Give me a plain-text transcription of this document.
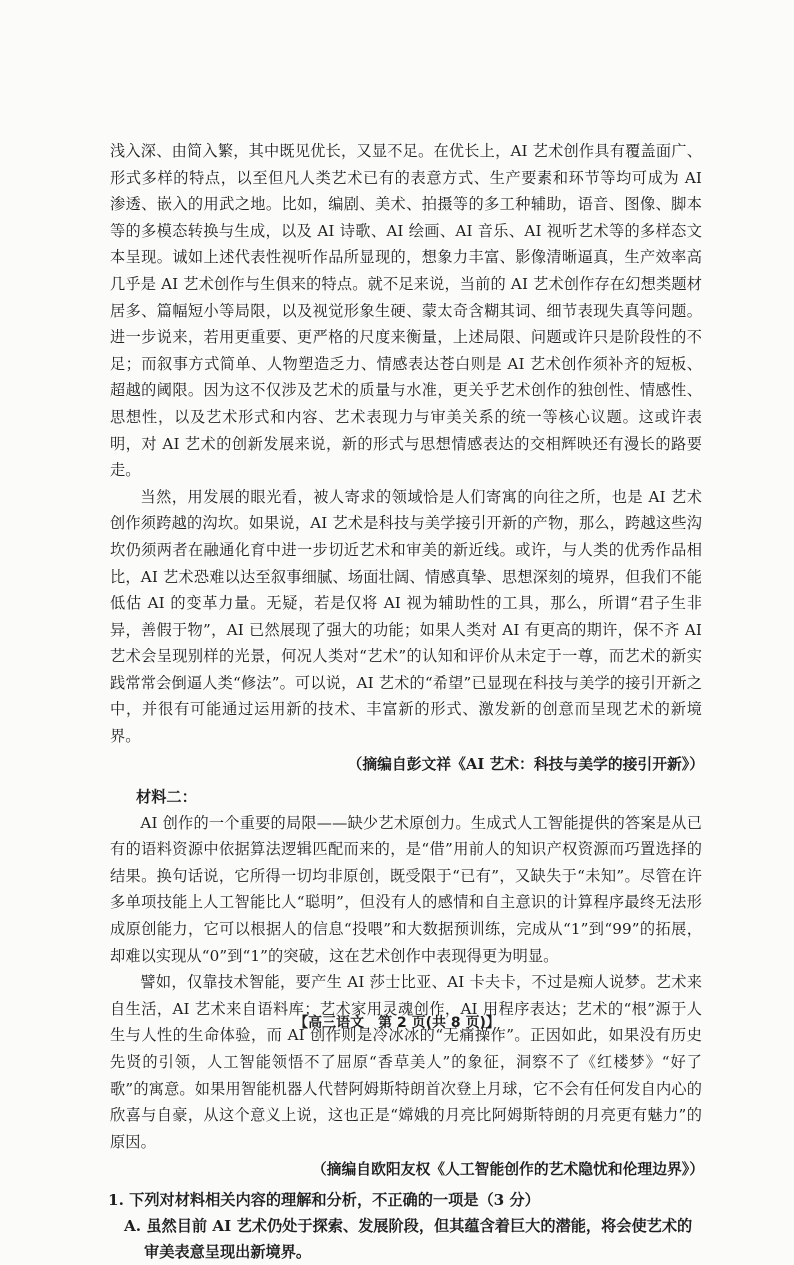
浅入深、由简入繁，其中既见优长，又显不足。在优长上，AI 艺术创作具有覆盖面广、形式多样的特点，以至但凡人类艺术已有的表意方式、生产要素和环节等均可成为 AI 渗透、嵌入的用武之地。比如，编剧、美术、拍摄等的多工种辅助，语音、图像、脚本等的多模态转换与生成，以及 AI 诗歌、AI 绘画、AI 音乐、AI 视听艺术等的多样态文本呈现。诚如上述代表性视听作品所显现的，想象力丰富、影像清晰逼真，生产效率高几乎是 AI 艺术创作与生俱来的特点。就不足来说，当前的 AI 艺术创作存在幻想类题材居多、篇幅短小等局限，以及视觉形象生硬、蒙太奇含糊其词、细节表现失真等问题。进一步说来，若用更重要、更严格的尺度来衡量，上述局限、问题或许只是阶段性的不足；而叙事方式简单、人物塑造乏力、情感表达苍白则是 AI 艺术创作须补齐的短板、超越的阈限。因为这不仅涉及艺术的质量与水准，更关乎艺术创作的独创性、情感性、思想性，以及艺术形式和内容、艺术表现力与审美关系的统一等核心议题。这或许表明，对 AI 艺术的创新发展来说，新的形式与思想情感表达的交相辉映还有漫长的路要走。

当然，用发展的眼光看，被人寄求的领域恰是人们寄寓的向往之所，也是 AI 艺术创作须跨越的沟坎。如果说，AI 艺术是科技与美学接引开新的产物，那么，跨越这些沟坎仍须两者在融通化育中进一步切近艺术和审美的新近线。或许，与人类的优秀作品相比，AI 艺术恐难以达至叙事细腻、场面壮阔、情感真挚、思想深刻的境界，但我们不能低估 AI 的变革力量。无疑，若是仅将 AI 视为辅助性的工具，那么，所谓“君子生非异，善假于物”，AI 已然展现了强大的功能；如果人类对 AI 有更高的期许，保不齐 AI 艺术会呈现别样的光景，何况人类对“艺术”的认知和评价从未定于一尊，而艺术的新实践常常会倒逼人类“修法”。可以说，AI 艺术的“希望”已显现在科技与美学的接引开新之中，并很有可能通过运用新的技术、丰富新的形式、激发新的创意而呈现艺术的新境界。

（摘编自彭文祥《AI 艺术：科技与美学的接引开新》）

材料二：

AI 创作的一个重要的局限——缺少艺术原创力。生成式人工智能提供的答案是从已有的语料资源中依据算法逻辑匹配而来的，是“借”用前人的知识产权资源而巧置选择的结果。换句话说，它所得一切均非原创，既受限于“已有”，又缺失于“未知”。尽管在许多单项技能上人工智能比人“聪明”，但没有人的感情和自主意识的计算程序最终无法形成原创能力，它可以根据人的信息“投喂”和大数据预训练，完成从“1”到“99”的拓展，却难以实现从“0”到“1”的突破，这在艺术创作中表现得更为明显。

譬如，仅靠技术智能，要产生 AI 莎士比亚、AI 卡夫卡，不过是痴人说梦。艺术来自生活，AI 艺术来自语料库；艺术家用灵魂创作，AI 用程序表达；艺术的“根”源于人生与人性的生命体验，而 AI 创作则是冷冰冰的“无痛操作”。正因如此，如果没有历史先贤的引领，人工智能领悟不了屈原“香草美人”的象征，洞察不了《红楼梦》“好了歌”的寓意。如果用智能机器人代替阿姆斯特朗首次登上月球，它不会有任何发自内心的欣喜与自豪，从这个意义上说，这也正是“嫦娥的月亮比阿姆斯特朗的月亮更有魅力”的原因。

（摘编自欧阳友权《人工智能创作的艺术隐忧和伦理边界》）

1. 下列对材料相关内容的理解和分析，不正确的一项是（3 分）

A. 虽然目前 AI 艺术仍处于探索、发展阶段，但其蕴含着巨大的潜能，将会使艺术的审美表意呈现出新境界。

【高三语文　第 2 页(共 8 页)】
